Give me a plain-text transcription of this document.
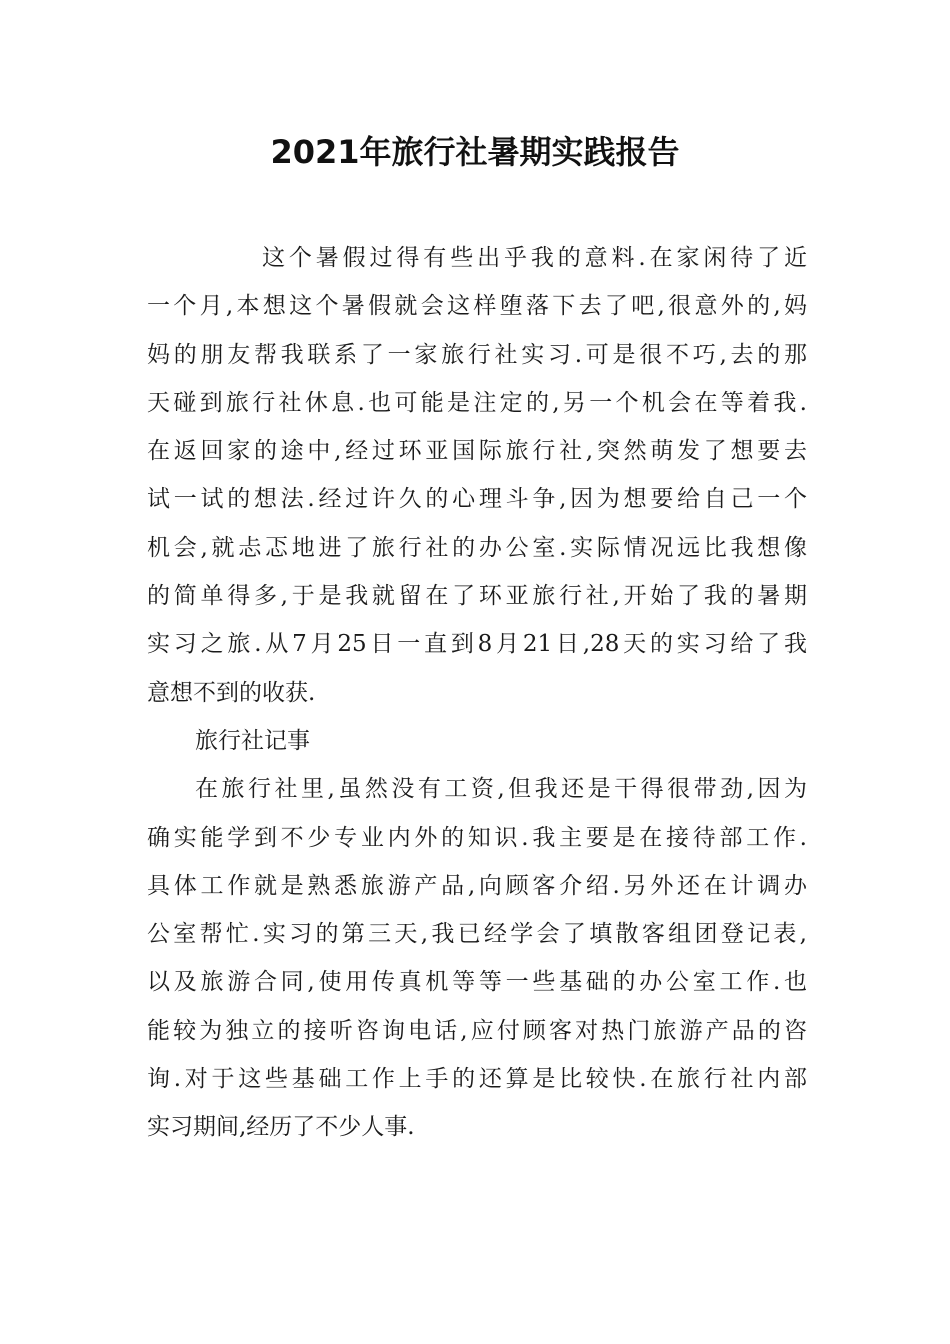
2021年旅行社暑期实践报告
这个暑假过得有些出乎我的意料.在家闲待了近
一个月,本想这个暑假就会这样堕落下去了吧,很意外的,妈
妈的朋友帮我联系了一家旅行社实习.可是很不巧,去的那
天碰到旅行社休息.也可能是注定的,另一个机会在等着我.
在返回家的途中,经过环亚国际旅行社,突然萌发了想要去
试一试的想法.经过许久的心理斗争,因为想要给自己一个
机会,就忐忑地进了旅行社的办公室.实际情况远比我想像
的简单得多,于是我就留在了环亚旅行社,开始了我的暑期
实习之旅.从7月25日一直到8月21日,28天的实习给了我
意想不到的收获.
旅行社记事
在旅行社里,虽然没有工资,但我还是干得很带劲,因为
确实能学到不少专业内外的知识.我主要是在接待部工作.
具体工作就是熟悉旅游产品,向顾客介绍.另外还在计调办
公室帮忙.实习的第三天,我已经学会了填散客组团登记表,
以及旅游合同,使用传真机等等一些基础的办公室工作.也
能较为独立的接听咨询电话,应付顾客对热门旅游产品的咨
询.对于这些基础工作上手的还算是比较快.在旅行社内部
实习期间,经历了不少人事.
